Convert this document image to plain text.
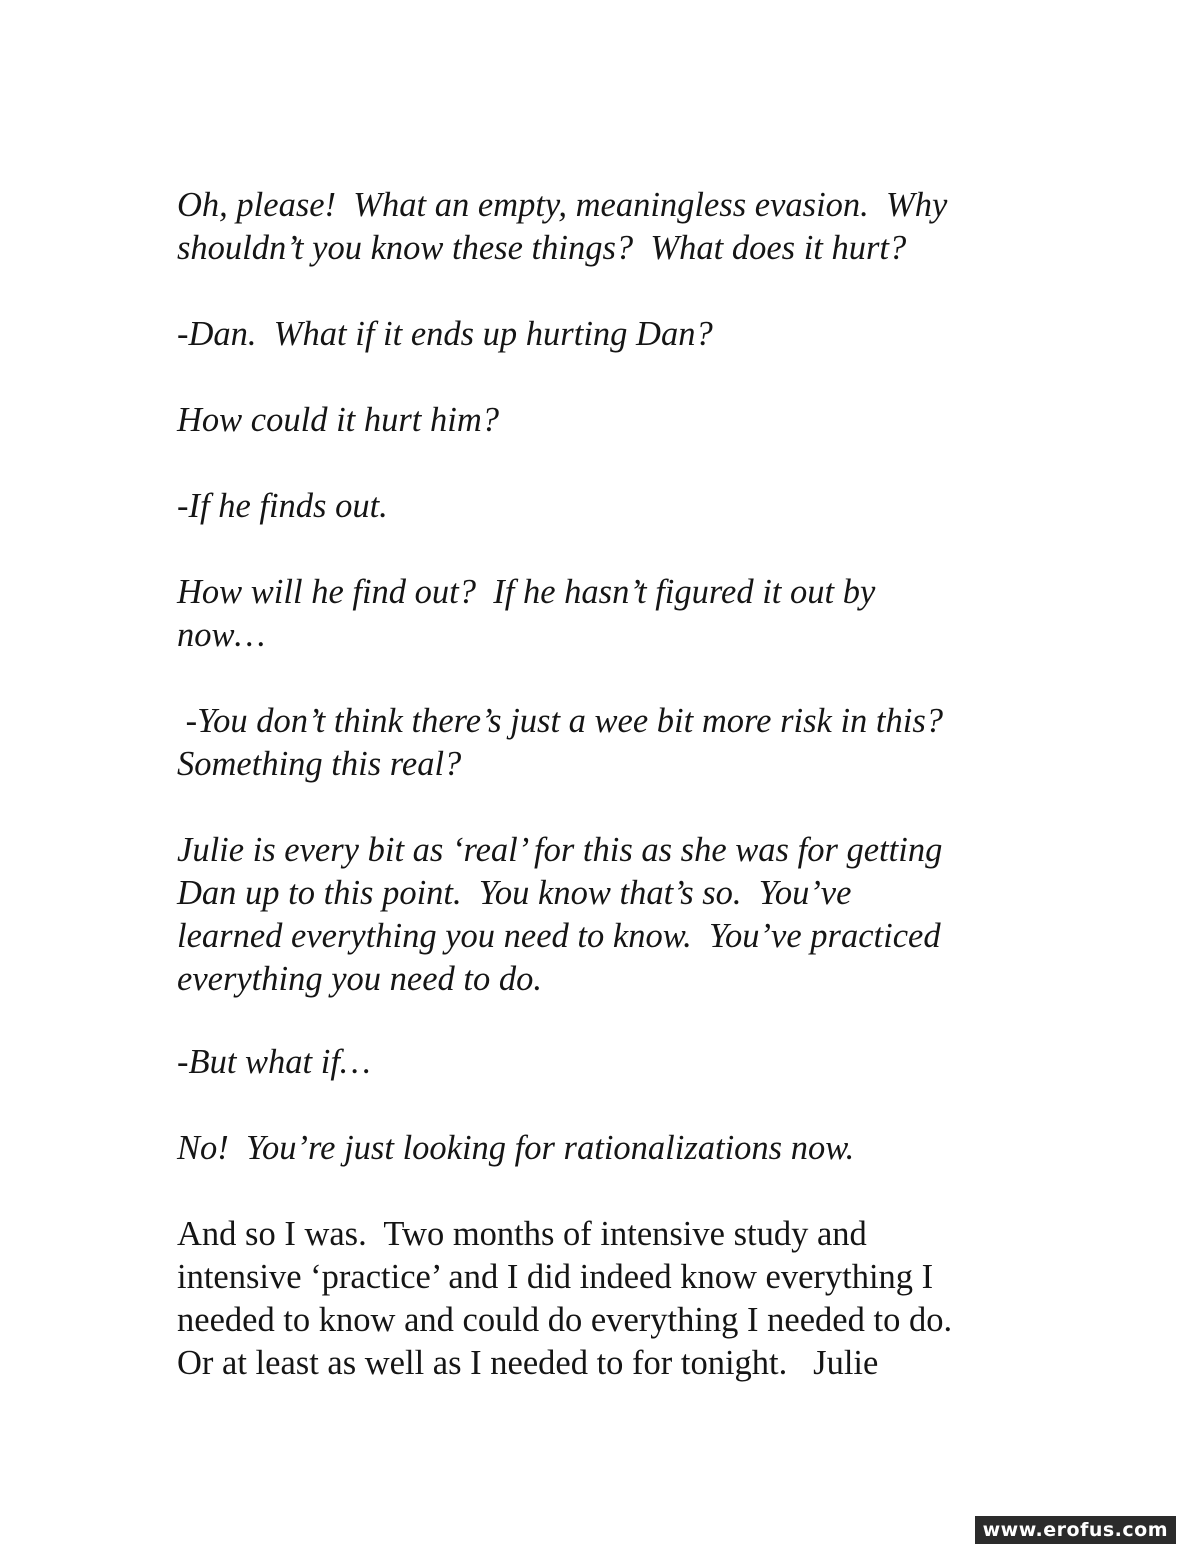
Oh, please!  What an empty, meaningless evasion.  Why

shouldn’t you know these things?  What does it hurt?

-Dan.  What if it ends up hurting Dan?

How could it hurt him?

-If he finds out.

How will he find out?  If he hasn’t figured it out by

now…

-You don’t think there’s just a wee bit more risk in this?

Something this real?

Julie is every bit as ‘real’ for this as she was for getting

Dan up to this point.  You know that’s so.  You’ve

learned everything you need to know.  You’ve practiced

everything you need to do.

-But what if…

No!  You’re just looking for rationalizations now.

And so I was.  Two months of intensive study and

intensive ‘practice’ and I did indeed know everything I

needed to know and could do everything I needed to do.

Or at least as well as I needed to for tonight.   Julie

www.erofus.com
